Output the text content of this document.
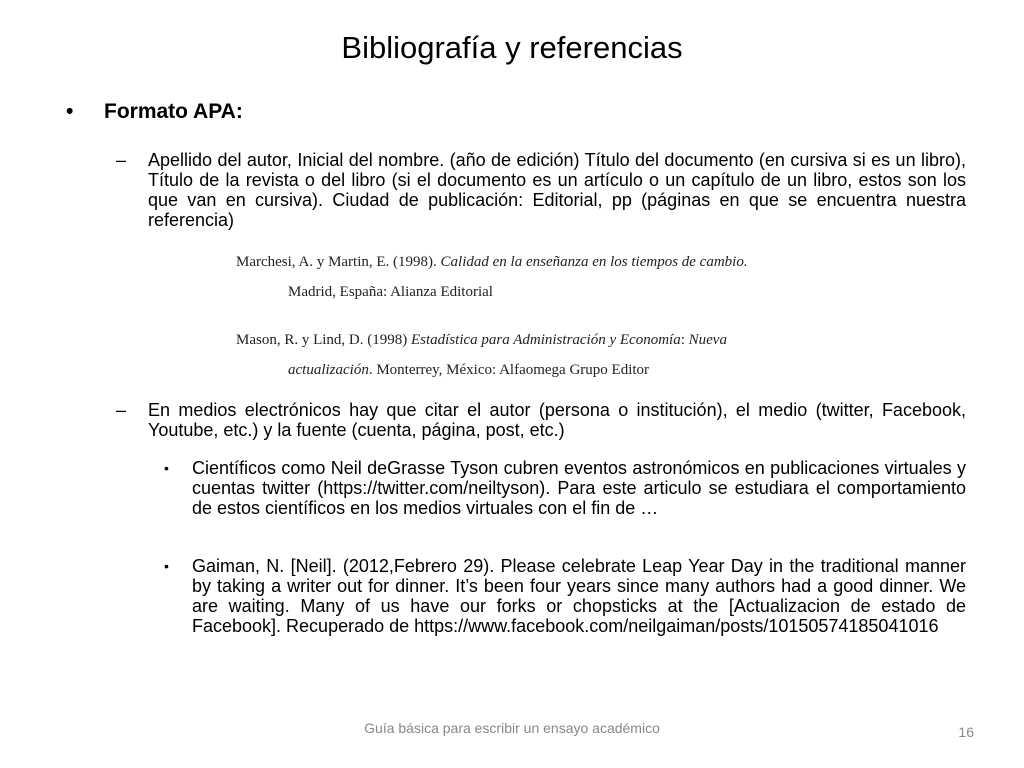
Bibliografía y referencias
• Formato APA:
– Apellido del autor, Inicial del nombre. (año de edición) Título del documento (en cursiva si es un libro), Título de la revista o del libro (si el documento es un artículo o un capítulo de un libro, estos son los que van en cursiva). Ciudad de publicación: Editorial, pp (páginas en que se encuentra nuestra referencia)
Marchesi, A. y Martin, E. (1998). Calidad en la enseñanza en los tiempos de cambio.
Madrid, España: Alianza Editorial
Mason, R. y Lind, D. (1998) Estadística para Administración y Economía: Nueva
actualización. Monterrey, México: Alfaomega Grupo Editor
– En medios electrónicos hay que citar el autor (persona o institución), el medio (twitter, Facebook, Youtube, etc.) y la fuente (cuenta, página, post, etc.)
• Científicos como Neil deGrasse Tyson cubren eventos astronómicos en publicaciones virtuales y cuentas twitter (https://twitter.com/neiltyson). Para este articulo se estudiara el comportamiento de estos científicos en los medios virtuales con el fin de …
• Gaiman, N. [Neil]. (2012,Febrero 29). Please celebrate Leap Year Day in the traditional manner by taking a writer out for dinner. It’s been four years since many authors had a good dinner. We are waiting. Many of us have our forks or chopsticks at the [Actualizacion de estado de Facebook]. Recuperado de https://www.facebook.com/neilgaiman/posts/10150574185041016
Guía básica para escribir un ensayo académico	16
